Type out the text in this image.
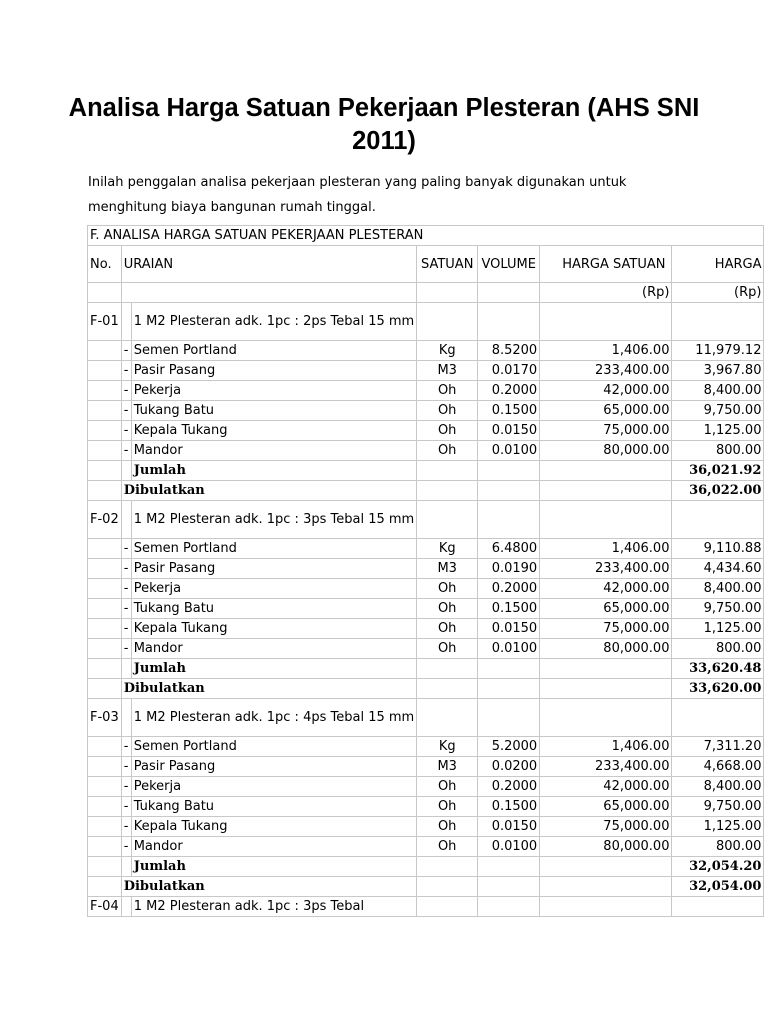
Analisa Harga Satuan Pekerjaan Plesteran (AHS SNI 2011)

Inilah penggalan analisa pekerjaan plesteran yang paling banyak digunakan untuk menghitung biaya bangunan rumah tinggal.

F. ANALISA HARGA SATUAN PEKERJAAN PLESTERAN						
No.	URAIAN		SATUAN	VOLUME	HARGA SATUAN	HARGA
					(Rp)	(Rp)
F-01		1 M2 Plesteran adk. 1pc : 2ps Tebal 15 mm				
	-	Semen Portland	Kg	8.5200	1,406.00	11,979.12
	-	Pasir Pasang	M3	0.0170	233,400.00	3,967.80
	-	Pekerja	Oh	0.2000	42,000.00	8,400.00
	-	Tukang Batu	Oh	0.1500	65,000.00	9,750.00
	-	Kepala Tukang	Oh	0.0150	75,000.00	1,125.00
	-	Mandor	Oh	0.0100	80,000.00	800.00
		Jumlah				36,021.92
	Dibulatkan					36,022.00
F-02		1 M2 Plesteran adk. 1pc : 3ps Tebal 15 mm				
	-	Semen Portland	Kg	6.4800	1,406.00	9,110.88
	-	Pasir Pasang	M3	0.0190	233,400.00	4,434.60
	-	Pekerja	Oh	0.2000	42,000.00	8,400.00
	-	Tukang Batu	Oh	0.1500	65,000.00	9,750.00
	-	Kepala Tukang	Oh	0.0150	75,000.00	1,125.00
	-	Mandor	Oh	0.0100	80,000.00	800.00
		Jumlah				33,620.48
	Dibulatkan					33,620.00
F-03		1 M2 Plesteran adk. 1pc : 4ps Tebal 15 mm				
	-	Semen Portland	Kg	5.2000	1,406.00	7,311.20
	-	Pasir Pasang	M3	0.0200	233,400.00	4,668.00
	-	Pekerja	Oh	0.2000	42,000.00	8,400.00
	-	Tukang Batu	Oh	0.1500	65,000.00	9,750.00
	-	Kepala Tukang	Oh	0.0150	75,000.00	1,125.00
	-	Mandor	Oh	0.0100	80,000.00	800.00
		Jumlah				32,054.20
	Dibulatkan					32,054.00
F-04		1 M2 Plesteran adk. 1pc : 3ps Tebal				
